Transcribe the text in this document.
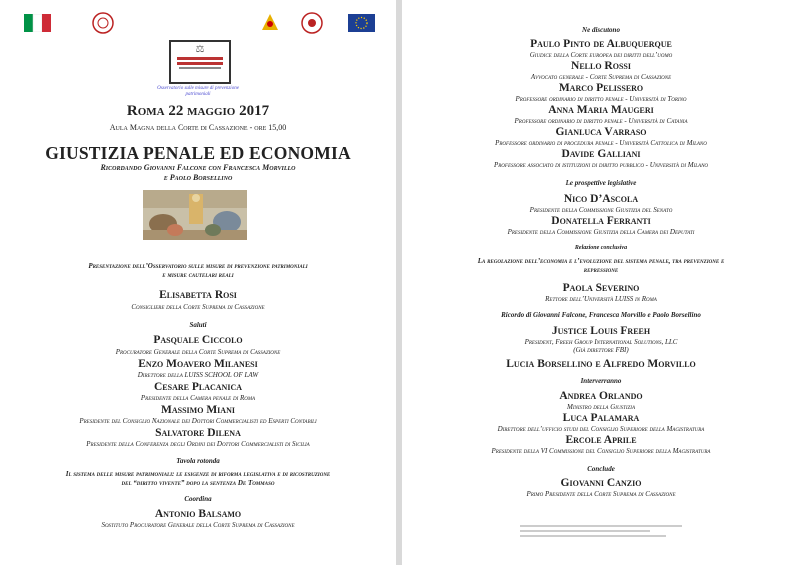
⚖
Osservatorio sulle misure di prevenzione patrimoniali
Roma 22 maggio 2017
Aula Magna della Corte di Cassazione - ore 15,00
GIUSTIZIA PENALE ED ECONOMIA
Ricordando Giovanni Falcone con Francesca Morvillo
e Paolo Borsellino
Presentazione dell’Osservatorio sulle misure di prevenzione patrimoniali
e misure cautelari reali
Elisabetta Rosi
Consigliere della Corte Suprema di Cassazione
Saluti
Pasquale Ciccolo
Procuratore Generale della Corte Suprema di Cassazione
Enzo Moavero Milanesi
Direttore della LUISS SCHOOL OF LAW
Cesare Placanica
Presidente della Camera penale di Roma
Massimo Miani
Presidente del Consiglio Nazionale dei Dottori Commercialisti ed Esperti Contabili
Salvatore Dilena
Presidente della Conferenza degli Ordini dei Dottori Commercialisti di Sicilia
Tavola rotonda
Il sistema delle misure patrimoniali: le esigenze di riforma legislativa e di ricostruzione
del “diritto vivente” dopo la sentenza De Tommaso
Coordina
Antonio Balsamo
Sostituto Procuratore Generale della Corte Suprema di Cassazione
Ne discutono
Paulo Pinto de Albuquerque
Giudice della Corte europea dei diritti dell’uomo
Nello Rossi
Avvocato generale - Corte Suprema di Cassazione
Marco Pelissero
Professore ordinario di diritto penale - Università di Torino
Anna Maria Maugeri
Professore ordinario di diritto penale - Università di Catania
Gianluca Varraso
Professore ordinario di procedura penale - Università Cattolica di Milano
Davide Galliani
Professore associato di istituzioni di diritto pubblico - Università di Milano
Le prospettive legislative
Nico D’Ascola
Presidente della Commissione Giustizia del Senato
Donatella Ferranti
Presidente della Commissione Giustizia della Camera dei Deputati
Relazione conclusiva
La regolazione dell’economia e l’evoluzione del sistema penale, tra prevenzione e
repressione
Paola Severino
Rettore dell’Università LUISS in Roma
Ricordo di Giovanni Falcone, Francesca Morvillo e Paolo Borsellino
Justice Louis Freeh
President, Freeh Group International Solutions, LLC
(Già direttore FBI)
Lucia Borsellino e Alfredo Morvillo
Interverranno
Andrea Orlando
Ministro della Giustizia
Luca Palamara
Direttore dell’ufficio studi del Consiglio Superiore della Magistratura
Ercole Aprile
Presidente della VI Commissione del Consiglio Superiore della Magistratura
Conclude
Giovanni Canzio
Primo Presidente della Corte Suprema di Cassazione
